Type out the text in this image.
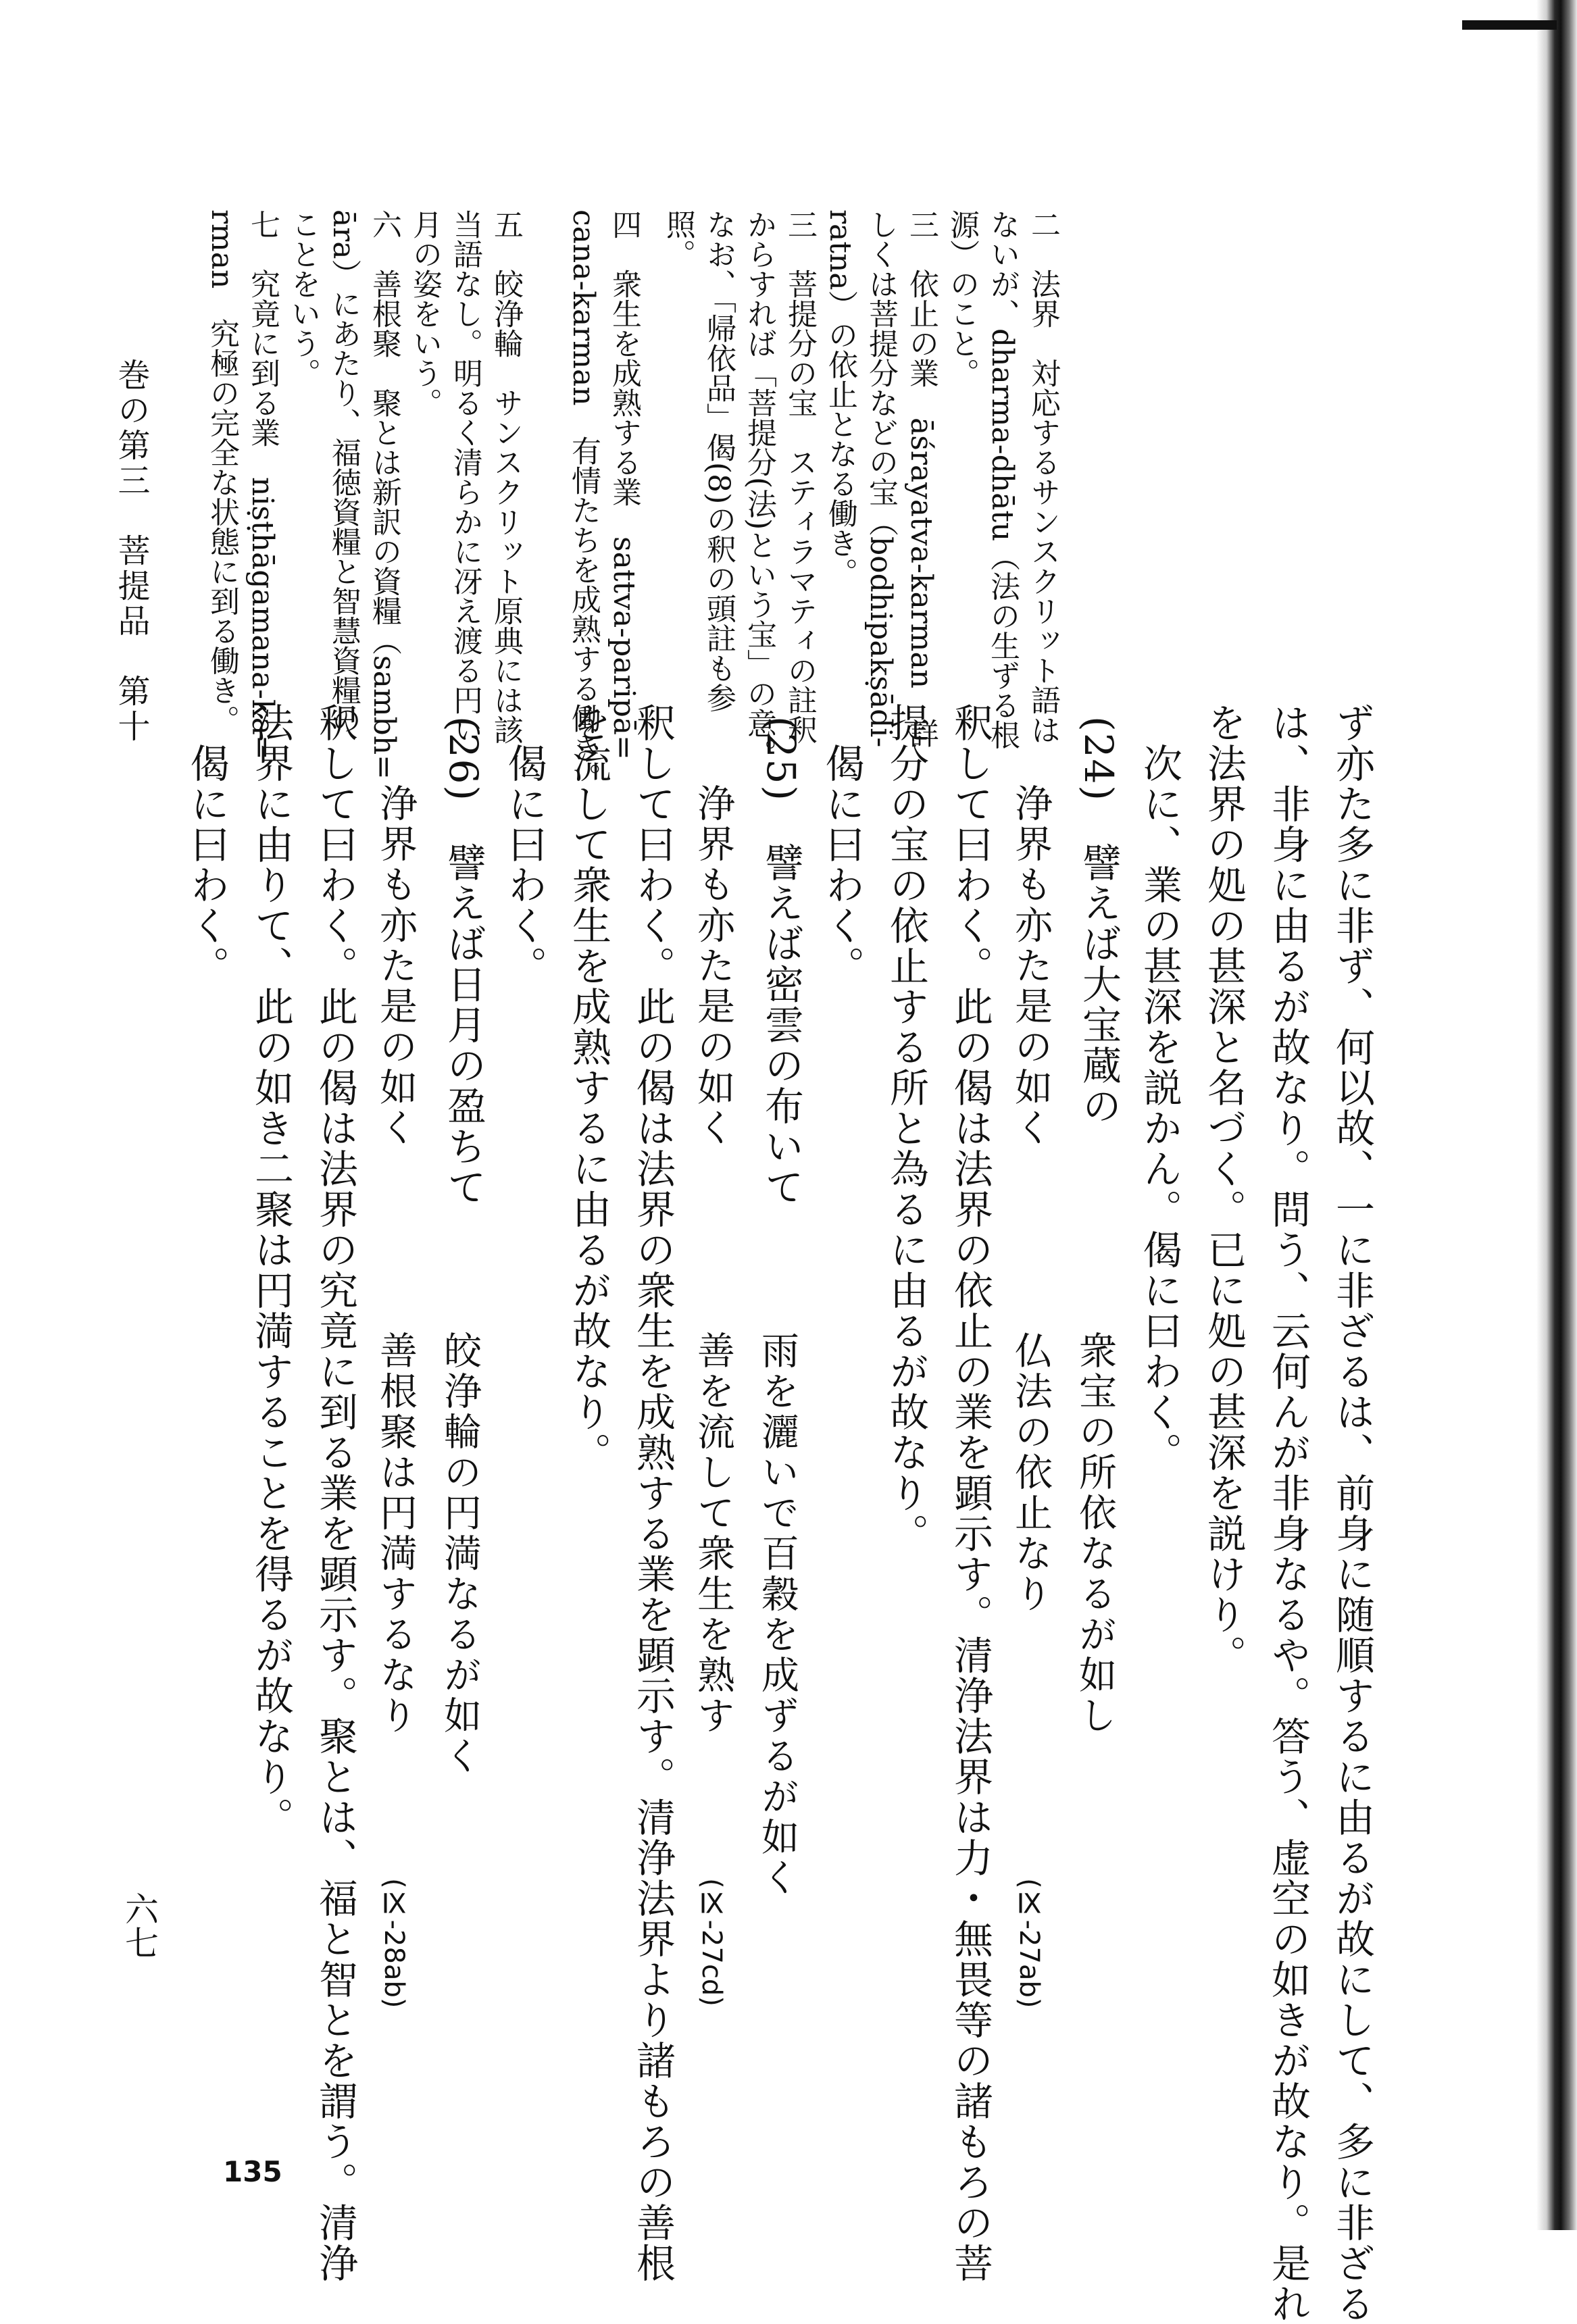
二　法界　対応するサンスクリット語は
ないが、dharma-dhātu（法の生ずる根
源）のこと。
三　依止の業　āśrayatva-karman　詳
しくは菩提分などの宝（bodhipakṣādi-
ratna）の依止となる働き。
三　菩提分の宝　スティラマティの註釈
からすれば「菩提分(法)という宝」の意。
なお、「帰依品」偈(8)の釈の頭註も参
照。
四　衆生を成熟する業　sattva-paripā=
cana-karman　有情たちを成熟する働き。
五　皎浄輪　サンスクリット原典には該
当語なし。明るく清らかに冴え渡る円い
月の姿をいう。
六　善根聚　聚とは新訳の資糧（sambh=
āra）にあたり、福徳資糧と智慧資糧の
ことをいう。
七　究竟に到る業　niṣṭhāgamana-ka=
rman　究極の完全な状態に到る働き。
巻の第三　菩提品　第十
ず亦た多に非ず、何以故、一に非ざるは、前身に随順するに由るが故にして、多に非ざる
は、非身に由るが故なり。問う、云何んが非身なるや。答う、虚空の如きが故なり。是れ
を法界の処の甚深と名づく。已に処の甚深を説けり。
次に、業の甚深を説かん。偈に曰わく。
(24)　譬えば大宝蔵の
浄界も亦た是の如く
衆宝の所依なるが如し
仏法の依止なり
(Ⅸ-27ab)
釈して曰わく。此の偈は法界の依止の業を顕示す。清浄法界は力・無畏等の諸もろの菩
提分の宝の依止する所と為るに由るが故なり。
偈に曰わく。
(25)　譬えば密雲の布いて
浄界も亦た是の如く
雨を灑いで百穀を成ずるが如く
善を流して衆生を熟す
(Ⅸ-27cd)
釈して曰わく。此の偈は法界の衆生を成熟する業を顕示す。清浄法界より諸もろの善根
を流して衆生を成熟するに由るが故なり。
偈に曰わく。
(26)　譬えば日月の盈ちて
浄界も亦た是の如く
皎浄輪の円満なるが如く
善根聚は円満するなり
(Ⅸ-28ab)
釈して曰わく。此の偈は法界の究竟に到る業を顕示す。聚とは、福と智とを謂う。清浄
法界に由りて、此の如き二聚は円満することを得るが故なり。
偈に曰わく。
六七
135
